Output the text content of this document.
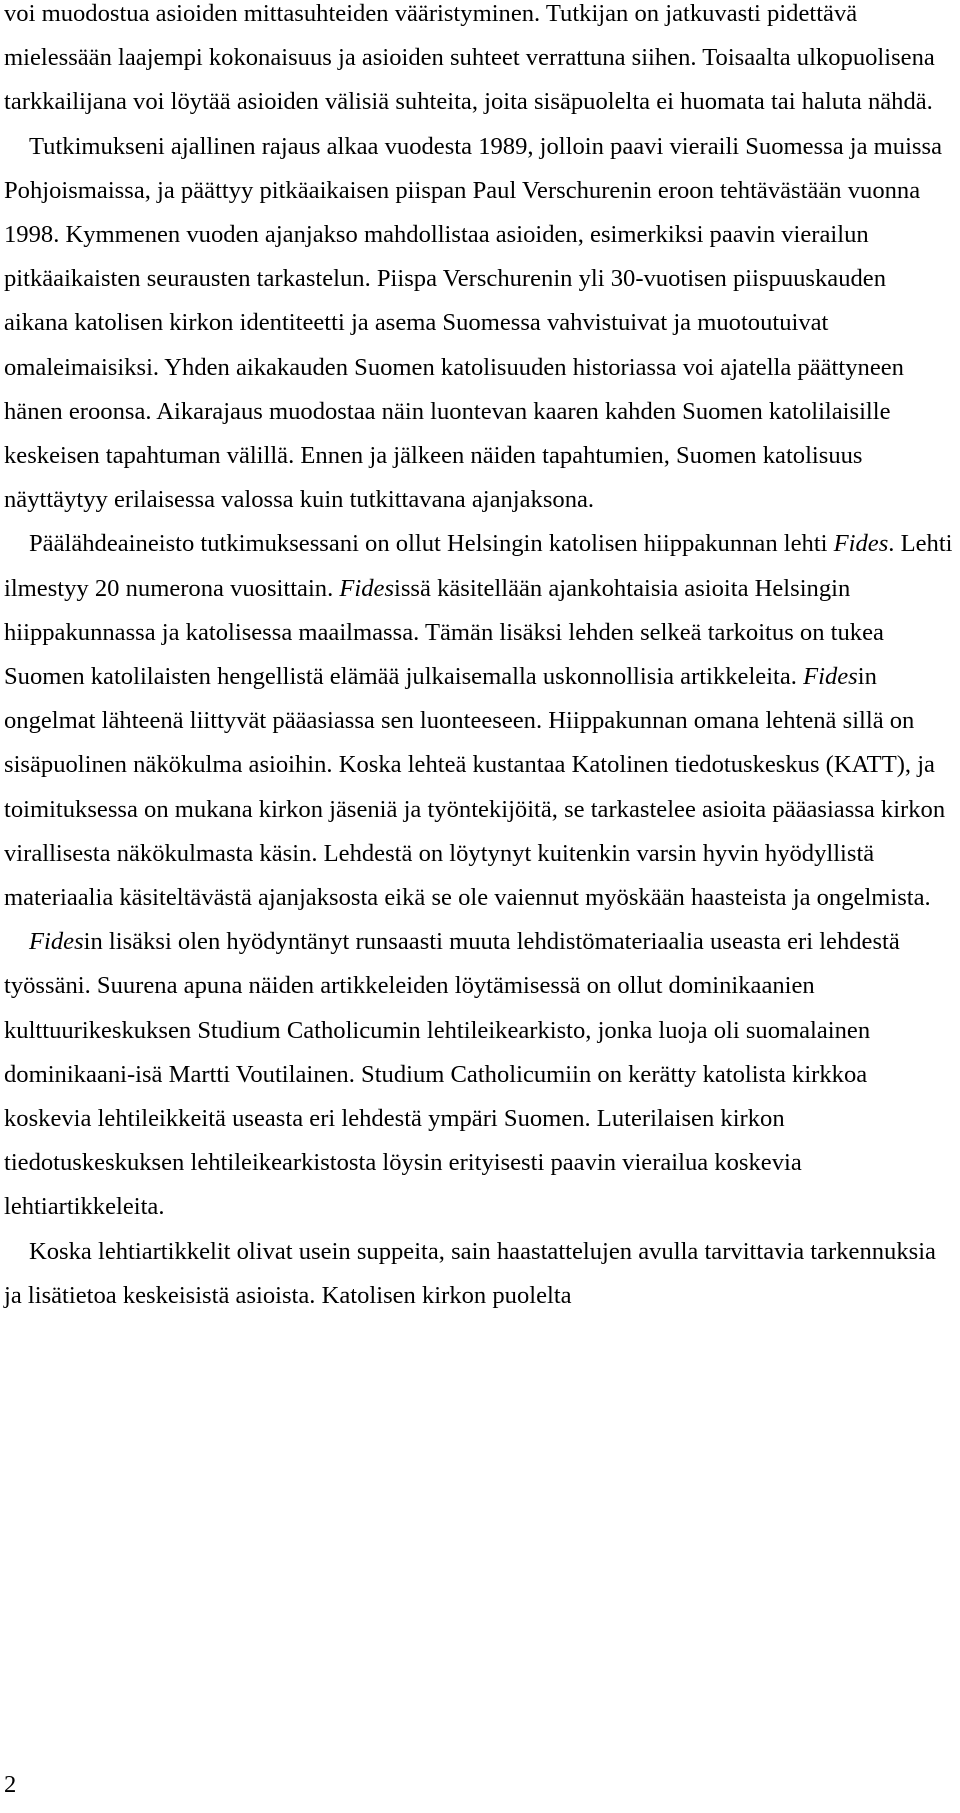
voi muodostua asioiden mittasuhteiden vääristyminen. Tutkijan on jatkuvasti pidettävä mielessään laajempi kokonaisuus ja asioiden suhteet verrattuna siihen. Toisaalta ulkopuolisena tarkkailijana voi löytää asioiden välisiä suhteita, joita sisäpuolelta ei huomata tai haluta nähdä.

Tutkimukseni ajallinen rajaus alkaa vuodesta 1989, jolloin paavi vieraili Suomessa ja muissa Pohjoismaissa, ja päättyy pitkäaikaisen piispan Paul Verschurenin eroon tehtävästään vuonna 1998. Kymmenen vuoden ajanjakso mahdollistaa asioiden, esimerkiksi paavin vierailun pitkäaikaisten seurausten tarkastelun. Piispa Verschurenin yli 30-vuotisen piispuuskauden aikana katolisen kirkon identiteetti ja asema Suomessa vahvistuivat ja muotoutuivat omaleimaisiksi. Yhden aikakauden Suomen katolisuuden historiassa voi ajatella päättyneen hänen eroonsa. Aikarajaus muodostaa näin luontevan kaaren kahden Suomen katolilaisille keskeisen tapahtuman välillä. Ennen ja jälkeen näiden tapahtumien, Suomen katolisuus näyttäytyy erilaisessa valossa kuin tutkittavana ajanjaksona.

Päälähdeaineisto tutkimuksessani on ollut Helsingin katolisen hiippakunnan lehti Fides. Lehti ilmestyy 20 numerona vuosittain. Fidesissä käsitellään ajankohtaisia asioita Helsingin hiippakunnassa ja katolisessa maailmassa. Tämän lisäksi lehden selkeä tarkoitus on tukea Suomen katolilaisten hengellistä elämää julkaisemalla uskonnollisia artikkeleita. Fidesin ongelmat lähteenä liittyvät pääasiassa sen luonteeseen. Hiippakunnan omana lehtenä sillä on sisäpuolinen näkökulma asioihin. Koska lehteä kustantaa Katolinen tiedotuskeskus (KATT), ja toimituksessa on mukana kirkon jäseniä ja työntekijöitä, se tarkastelee asioita pääasiassa kirkon virallisesta näkökulmasta käsin. Lehdestä on löytynyt kuitenkin varsin hyvin hyödyllistä materiaalia käsiteltävästä ajanjaksosta eikä se ole vaiennut myöskään haasteista ja ongelmista.

Fidesin lisäksi olen hyödyntänyt runsaasti muuta lehdistömateriaalia useasta eri lehdestä työssäni. Suurena apuna näiden artikkeleiden löytämisessä on ollut dominikaanien kulttuurikeskuksen Studium Catholicumin lehtileikearkisto, jonka luoja oli suomalainen dominikaani-isä Martti Voutilainen. Studium Catholicumiin on kerätty katolista kirkkoa koskevia lehtileikkeitä useasta eri lehdestä ympäri Suomen. Luterilaisen kirkon tiedotuskeskuksen lehtileikearkistosta löysin erityisesti paavin vierailua koskevia lehtiartikkeleita.

Koska lehtiartikkelit olivat usein suppeita, sain haastattelujen avulla tarvittavia tarkennuksia ja lisätietoa keskeisistä asioista. Katolisen kirkon puolelta

2
